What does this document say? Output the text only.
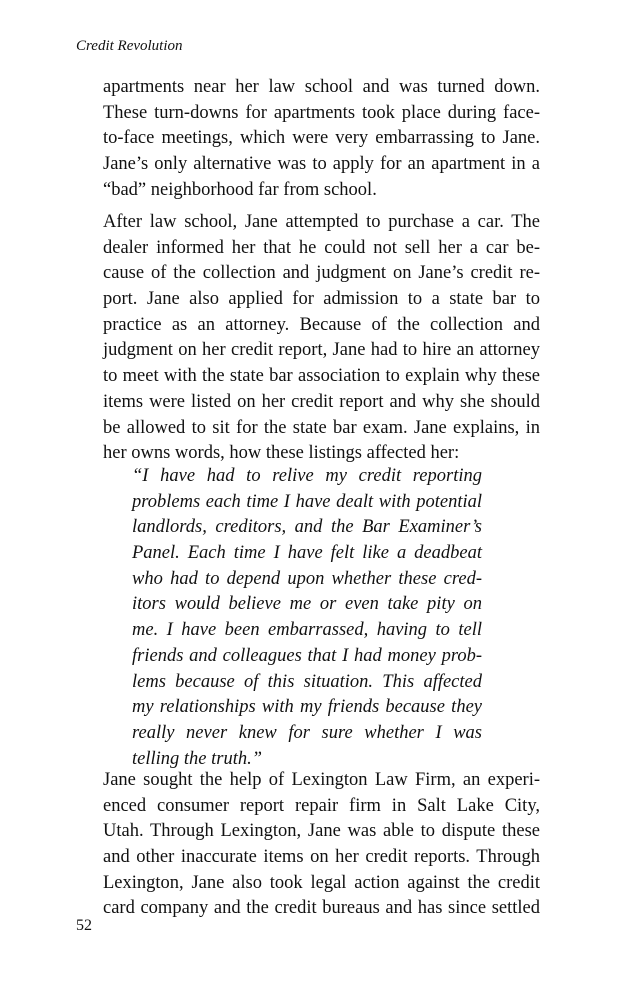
Credit Revolution
apartments near her law school and was turned down.
These turn-downs for apartments took place during face-
to-face meetings, which were very embarrassing to Jane.
Jane’s only alternative was to apply for an apartment in a
“bad” neighborhood far from school.
After law school, Jane attempted to purchase a car. The
dealer informed her that he could not sell her a car be-
cause of the collection and judgment on Jane’s credit re-
port. Jane also applied for admission to a state bar to
practice as an attorney. Because of the collection and
judgment on her credit report, Jane had to hire an attorney
to meet with the state bar association to explain why these
items were listed on her credit report and why she should
be allowed to sit for the state bar exam. Jane explains, in
her owns words, how these listings affected her:
“I have had to relive my credit reporting
problems each time I have dealt with potential
landlords, creditors, and the Bar Examiner’s
Panel. Each time I have felt like a deadbeat
who had to depend upon whether these cred-
itors would believe me or even take pity on
me. I have been embarrassed, having to tell
friends and colleagues that I had money prob-
lems because of this situation. This affected
my relationships with my friends because they
really never knew for sure whether I was
telling the truth.”
Jane sought the help of Lexington Law Firm, an experi-
enced consumer report repair firm in Salt Lake City,
Utah. Through Lexington, Jane was able to dispute these
and other inaccurate items on her credit reports. Through
Lexington, Jane also took legal action against the credit
card company and the credit bureaus and has since settled
52
